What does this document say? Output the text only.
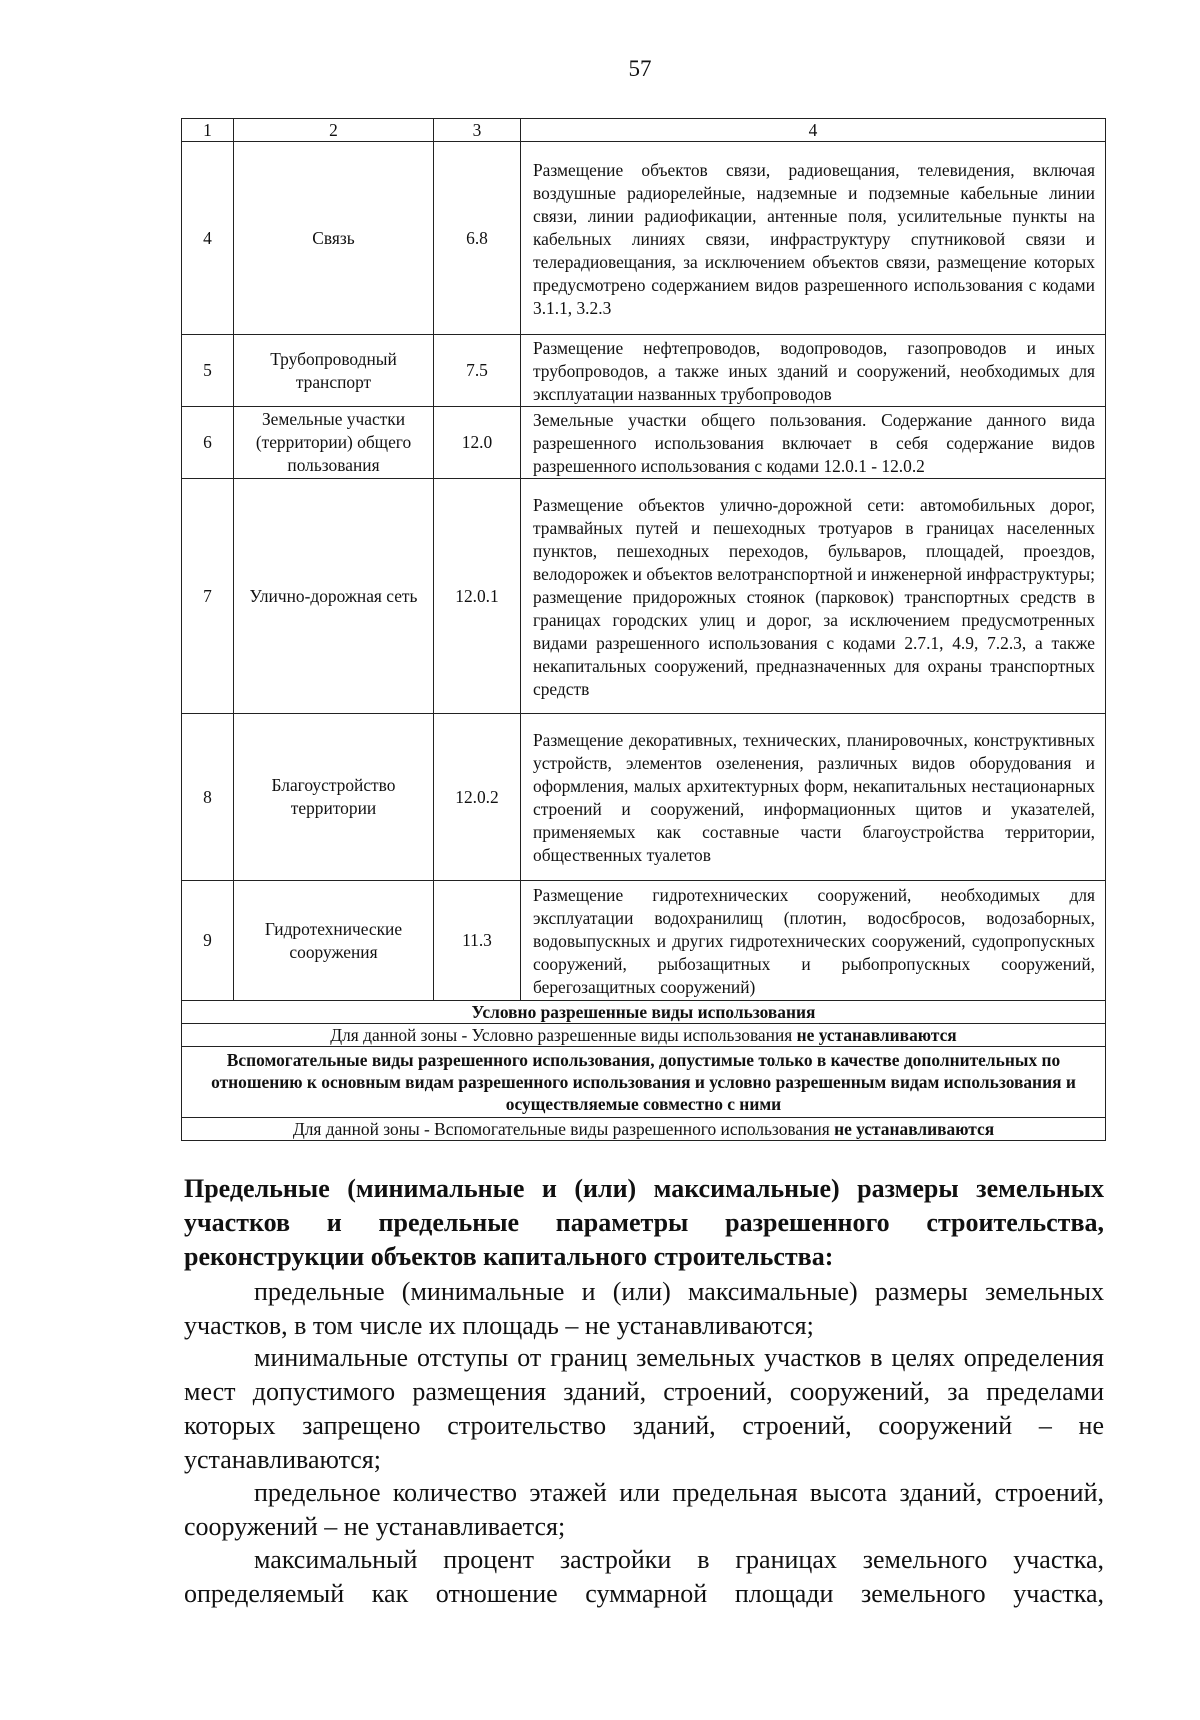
57
1	2	3	4
4	Связь	6.8	Размещение объектов связи, радиовещания, телевидения, включая воздушные радиорелейные, надземные и подземные кабельные линии связи, линии радиофикации, антенные поля, усилительные пункты на кабельных линиях связи, инфраструктуру спутниковой связи и телерадиовещания, за исключением объектов связи, размещение которых предусмотрено содержанием видов разрешенного использования с кодами 3.1.1, 3.2.3
5	Трубопроводный транспорт	7.5	Размещение нефтепроводов, водопроводов, газопроводов и иных трубопроводов, а также иных зданий и сооружений, необходимых для эксплуатации названных трубопроводов
6	Земельные участки (территории) общего пользования	12.0	Земельные участки общего пользования. Содержание данного вида разрешенного использования включает в себя содержание видов разрешенного использования с кодами 12.0.1 - 12.0.2
7	Улично-дорожная сеть	12.0.1	Размещение объектов улично-дорожной сети: автомобильных дорог, трамвайных путей и пешеходных тротуаров в границах населенных пунктов, пешеходных переходов, бульваров, площадей, проездов, велодорожек и объектов велотранспортной и инженерной инфраструктуры; размещение придорожных стоянок (парковок) транспортных средств в границах городских улиц и дорог, за исключением предусмотренных видами разрешенного использования с кодами 2.7.1, 4.9, 7.2.3, а также некапитальных сооружений, предназначенных для охраны транспортных средств
8	Благоустройство территории	12.0.2	Размещение декоративных, технических, планировочных, конструктивных устройств, элементов озеленения, различных видов оборудования и оформления, малых архитектурных форм, некапитальных нестационарных строений и сооружений, информационных щитов и указателей, применяемых как составные части благоустройства территории, общественных туалетов
9	Гидротехнические сооружения	11.3	Размещение гидротехнических сооружений, необходимых для эксплуатации водохранилищ (плотин, водосбросов, водозаборных, водовыпускных и других гидротехнических сооружений, судопропускных сооружений, рыбозащитных и рыбопропускных сооружений, берегозащитных сооружений)
Условно разрешенные виды использования			
Для данной зоны - Условно разрешенные виды использования не устанавливаются			
Вспомогательные виды разрешенного использования, допустимые только в качестве дополнительных по отношению к основным видам разрешенного использования и условно разрешенным видам использования и осуществляемые совместно с ними			
Для данной зоны - Вспомогательные виды разрешенного использования не устанавливаются			
Предельные (минимальные и (или) максимальные) размеры земельных участков и предельные параметры разрешенного строительства, реконструкции объектов капитального строительства:
предельные (минимальные и (или) максимальные) размеры земельных участков, в том числе их площадь – не устанавливаются;
минимальные отступы от границ земельных участков в целях определения мест допустимого размещения зданий, строений, сооружений, за пределами которых запрещено строительство зданий, строений, сооружений – не устанавливаются;
предельное количество этажей или предельная высота зданий, строений, сооружений – не устанавливается;
максимальный процент застройки в границах земельного участка, определяемый как отношение суммарной площади земельного участка,
